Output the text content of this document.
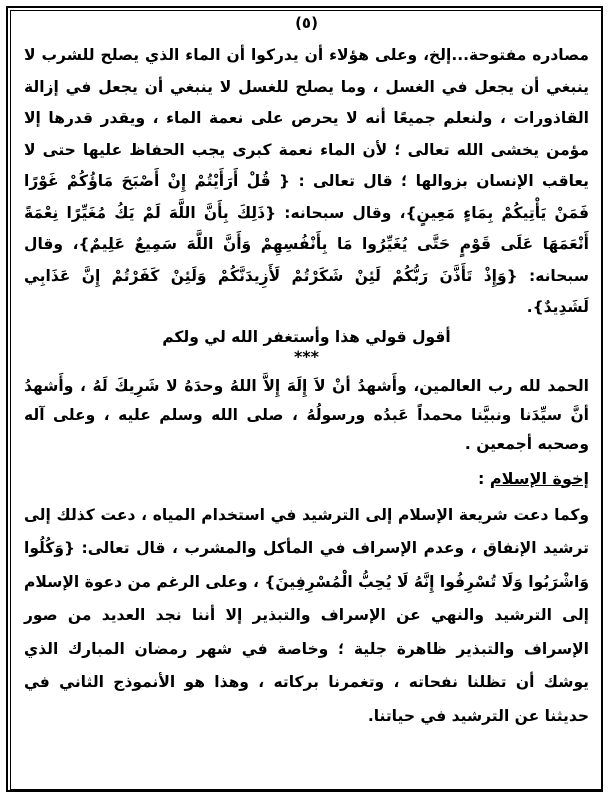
(٥)

مصادره مفتوحة...إلخ، وعلى هؤلاء أن يدركوا أن الماء الذي يصلح للشرب لا ينبغي أن يجعل في الغسل ، وما يصلح للغسل لا ينبغي أن يجعل في إزالة القاذورات ، ولنعلم جميعًا أنه لا يحرص على نعمة الماء ، ويقدر قدرها إلا مؤمن يخشى الله تعالى ؛ لأن الماء نعمة كبرى يجب الحفاظ عليها حتى لا يعاقب الإنسان بزوالها ؛ قال تعالى : { قُلْ أَرَأَيْتُمْ إِنْ أَصْبَحَ مَاؤُكُمْ غَوْرًا فَمَنْ يَأْتِيكُمْ بِمَاءٍ مَعِينٍ}، وقال سبحانه: {ذَلِكَ بِأَنَّ اللَّهَ لَمْ يَكُ مُغَيِّرًا نِعْمَةً أَنْعَمَهَا عَلَى قَوْمٍ حَتَّى يُغَيِّرُوا مَا بِأَنْفُسِهِمْ وَأَنَّ اللَّهَ سَمِيعٌ عَلِيمٌ}، وقال سبحانه: {وَإِذْ تَأَذَّنَ رَبُّكُمْ لَئِنْ شَكَرْتُمْ لَأَزِيدَنَّكُمْ وَلَئِنْ كَفَرْتُمْ إِنَّ عَذَابِي لَشَدِيدٌ}.

أقول قولي هذا وأستغفر الله لي ولكم

***

الحمد لله رب العالمين، وأَشهدُ أنْ لاَ إِلَهَ إِلاَّ اللهُ وحدَهُ لا شَرِيكَ لَهُ ، وأَشهدُ أنَّ سيِّدَنا ونبيَّنا محمداً عَبدُه ورسولُهُ ، صلى الله وسلم عليه ، وعلى آله وصحبه أجمعين .

إخوة الإسلام :

وكما دعت شريعة الإسلام إلى الترشيد في استخدام المياه ، دعت كذلك إلى ترشيد الإنفاق ، وعدم الإسراف في المأكل والمشرب ، قال تعالى: {وَكُلُوا وَاشْرَبُوا وَلَا تُسْرِفُوا إِنَّهُ لَا يُحِبُّ الْمُسْرِفِينَ} ، وعلى الرغم من دعوة الإسلام إلى الترشيد والنهي عن الإسراف والتبذير إلا أننا نجد العديد من صور الإسراف والتبذير ظاهرة جلية ؛ وخاصة في شهر رمضان المبارك الذي يوشك أن تظلنا نفحاته ، وتغمرنا بركاته ، وهذا هو الأنموذج الثاني في حديثنا عن الترشيد في حياتنا.
